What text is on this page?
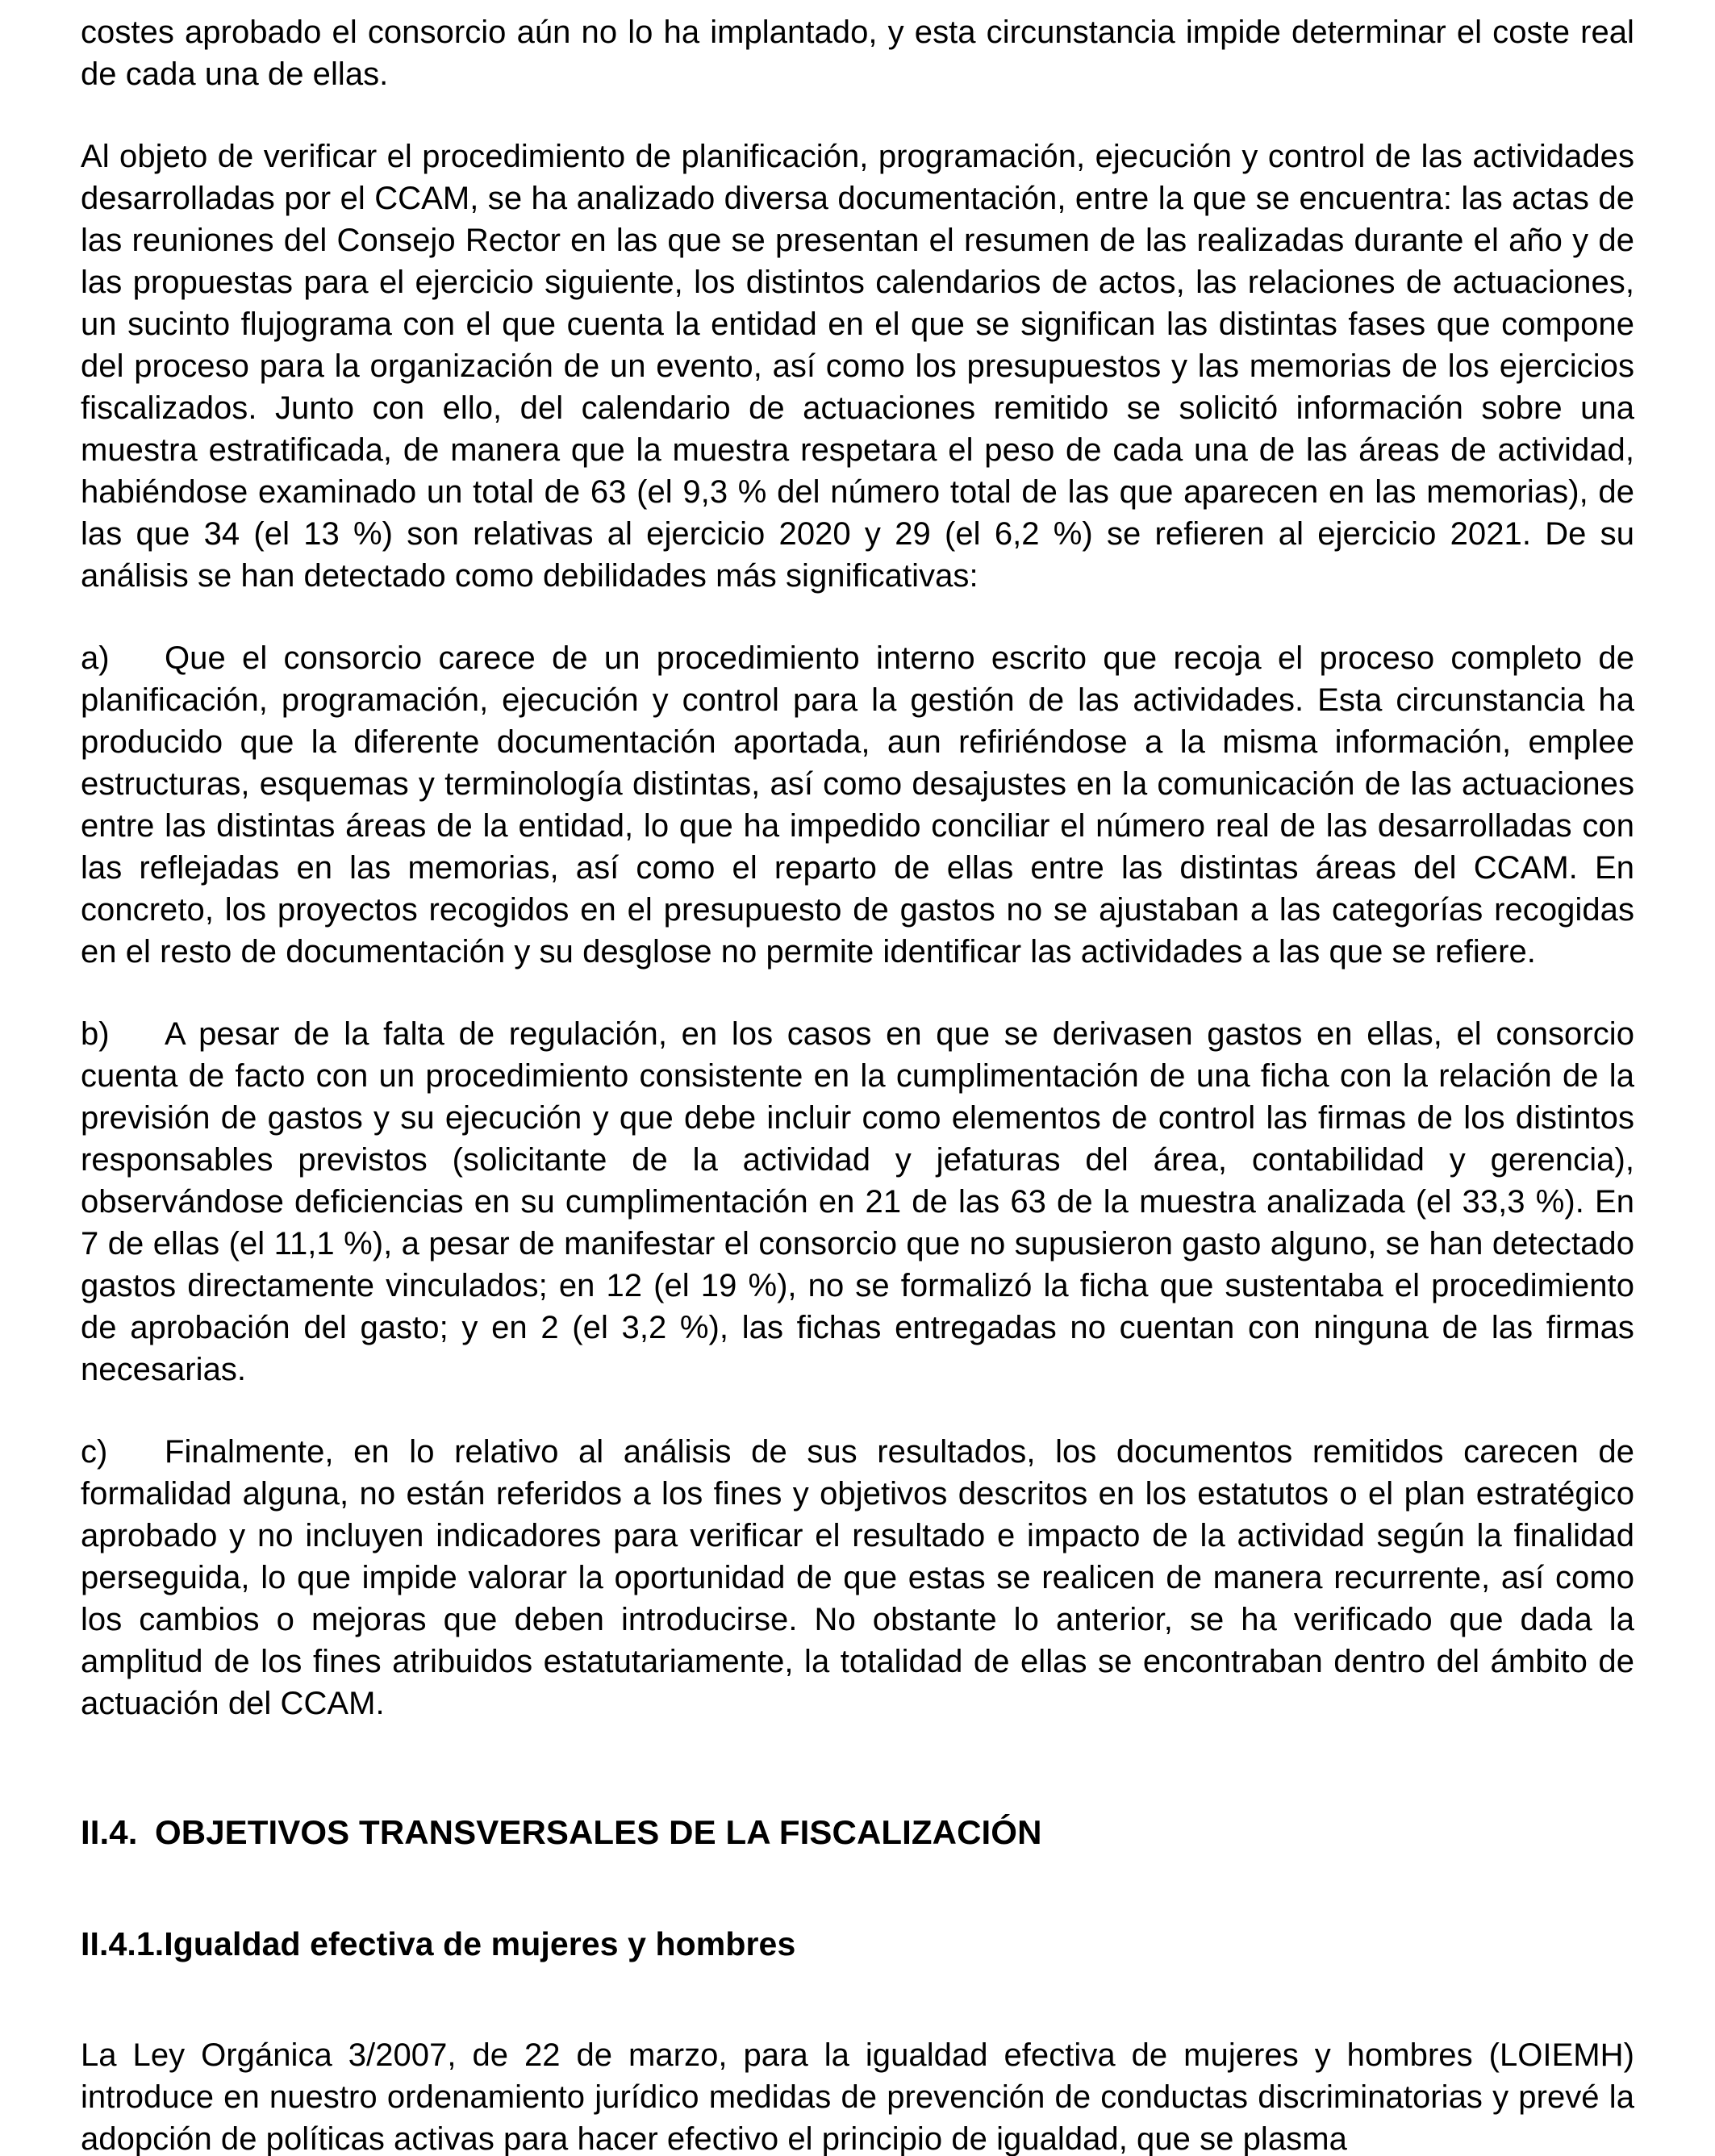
costes aprobado el consorcio aún no lo ha implantado, y esta circunstancia impide determinar el coste real de cada una de ellas.

Al objeto de verificar el procedimiento de planificación, programación, ejecución y control de las actividades desarrolladas por el CCAM, se ha analizado diversa documentación, entre la que se encuentra: las actas de las reuniones del Consejo Rector en las que se presentan el resumen de las realizadas durante el año y de las propuestas para el ejercicio siguiente, los distintos calendarios de actos, las relaciones de actuaciones, un sucinto flujograma con el que cuenta la entidad en el que se significan las distintas fases que compone del proceso para la organización de un evento, así como los presupuestos y las memorias de los ejercicios fiscalizados. Junto con ello, del calendario de actuaciones remitido se solicitó información sobre una muestra estratificada, de manera que la muestra respetara el peso de cada una de las áreas de actividad, habiéndose examinado un total de 63 (el 9,3 % del número total de las que aparecen en las memorias), de las que 34 (el 13 %) son relativas al ejercicio 2020 y 29 (el 6,2 %) se refieren al ejercicio 2021. De su análisis se han detectado como debilidades más significativas:

a) Que el consorcio carece de un procedimiento interno escrito que recoja el proceso completo de planificación, programación, ejecución y control para la gestión de las actividades. Esta circunstancia ha producido que la diferente documentación aportada, aun refiriéndose a la misma información, emplee estructuras, esquemas y terminología distintas, así como desajustes en la comunicación de las actuaciones entre las distintas áreas de la entidad, lo que ha impedido conciliar el número real de las desarrolladas con las reflejadas en las memorias, así como el reparto de ellas entre las distintas áreas del CCAM. En concreto, los proyectos recogidos en el presupuesto de gastos no se ajustaban a las categorías recogidas en el resto de documentación y su desglose no permite identificar las actividades a las que se refiere.

b) A pesar de la falta de regulación, en los casos en que se derivasen gastos en ellas, el consorcio cuenta de facto con un procedimiento consistente en la cumplimentación de una ficha con la relación de la previsión de gastos y su ejecución y que debe incluir como elementos de control las firmas de los distintos responsables previstos (solicitante de la actividad y jefaturas del área, contabilidad y gerencia), observándose deficiencias en su cumplimentación en 21 de las 63 de la muestra analizada (el 33,3 %). En 7 de ellas (el 11,1 %), a pesar de manifestar el consorcio que no supusieron gasto alguno, se han detectado gastos directamente vinculados; en 12 (el 19 %), no se formalizó la ficha que sustentaba el procedimiento de aprobación del gasto; y en 2 (el 3,2 %), las fichas entregadas no cuentan con ninguna de las firmas necesarias.

c) Finalmente, en lo relativo al análisis de sus resultados, los documentos remitidos carecen de formalidad alguna, no están referidos a los fines y objetivos descritos en los estatutos o el plan estratégico aprobado y no incluyen indicadores para verificar el resultado e impacto de la actividad según la finalidad perseguida, lo que impide valorar la oportunidad de que estas se realicen de manera recurrente, así como los cambios o mejoras que deben introducirse. No obstante lo anterior, se ha verificado que dada la amplitud de los fines atribuidos estatutariamente, la totalidad de ellas se encontraban dentro del ámbito de actuación del CCAM.

II.4. OBJETIVOS TRANSVERSALES DE LA FISCALIZACIÓN
II.4.1.Igualdad efectiva de mujeres y hombres

La Ley Orgánica 3/2007, de 22 de marzo, para la igualdad efectiva de mujeres y hombres (LOIEMH) introduce en nuestro ordenamiento jurídico medidas de prevención de conductas discriminatorias y prevé la adopción de políticas activas para hacer efectivo el principio de igualdad, que se plasma
